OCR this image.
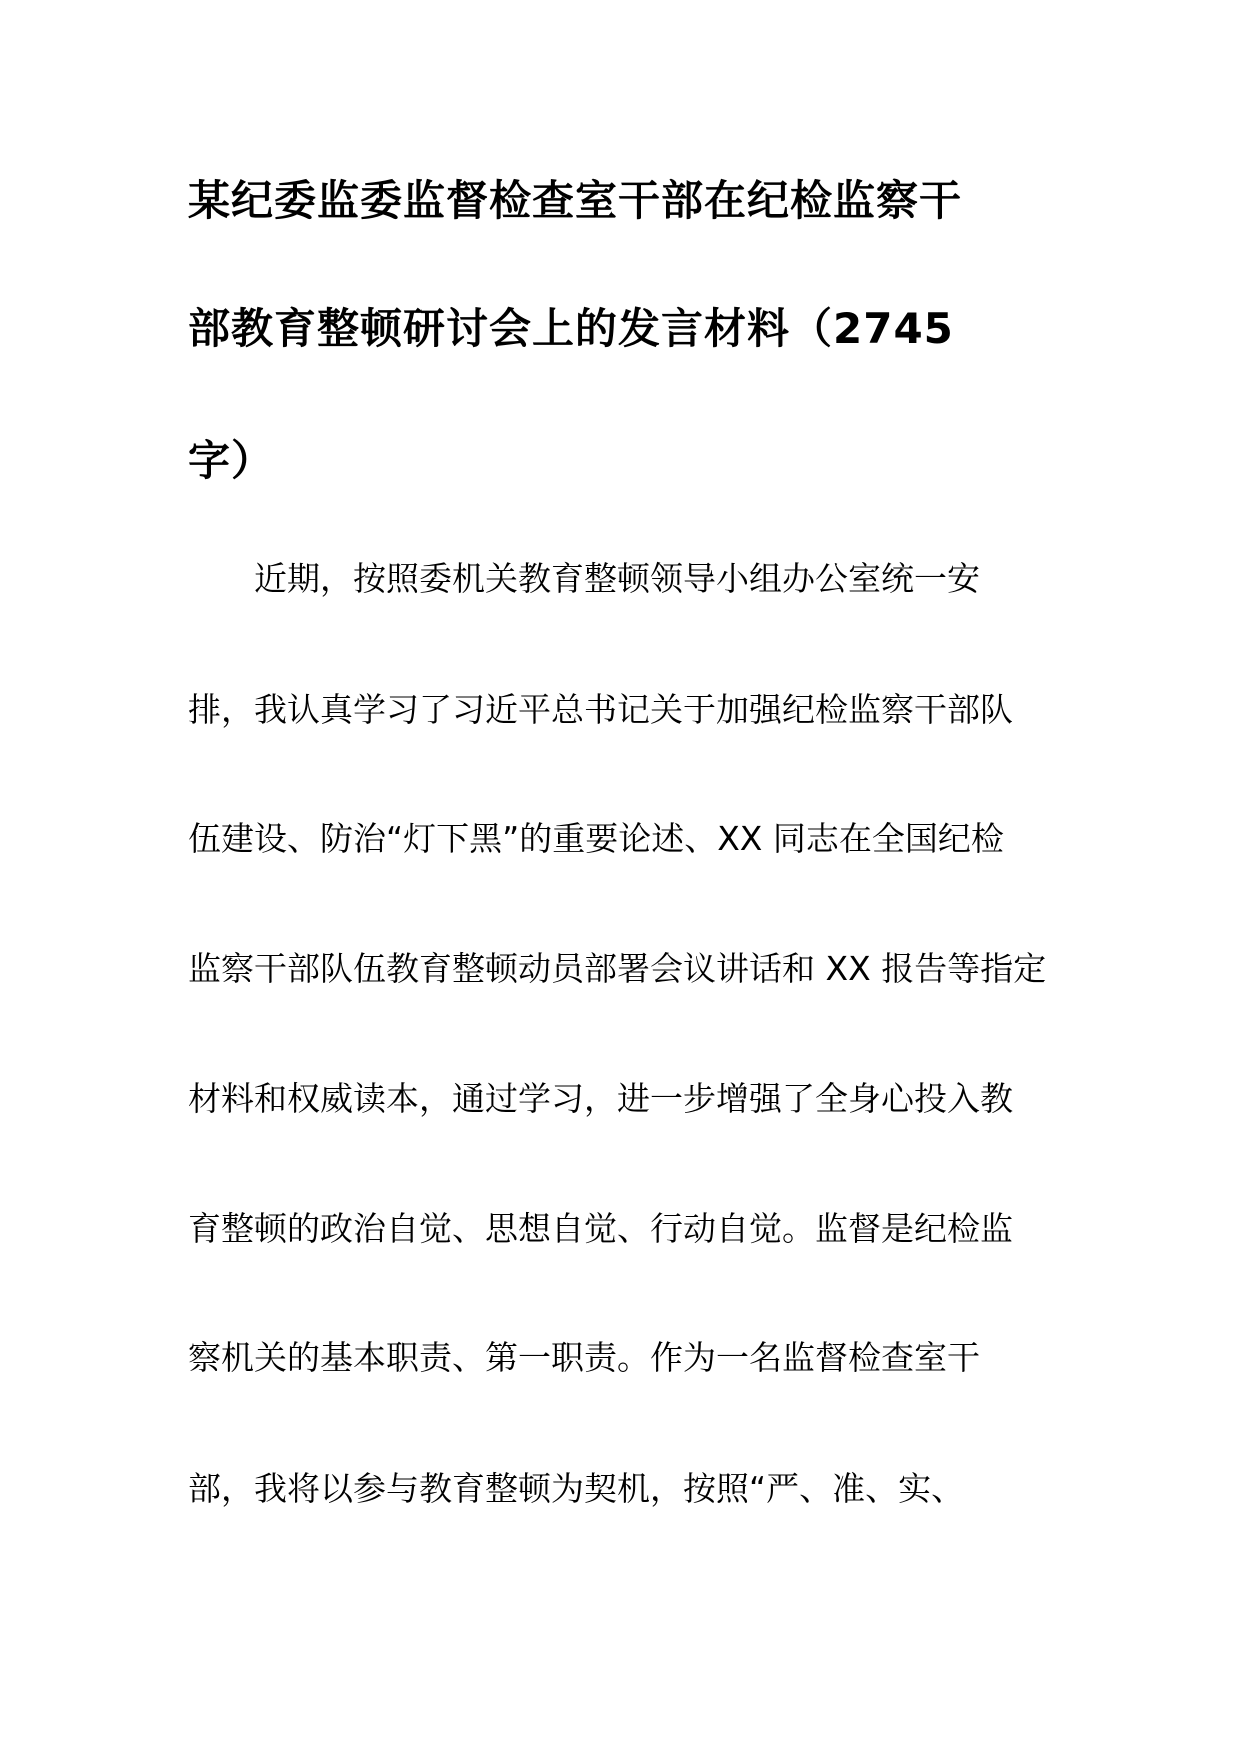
某纪委监委监督检查室干部在纪检监察干
部教育整顿研讨会上的发言材料（2745
字）
近期，按照委机关教育整顿领导小组办公室统一安
排，我认真学习了习近平总书记关于加强纪检监察干部队
伍建设、防治“灯下黑”的重要论述、XX 同志在全国纪检
监察干部队伍教育整顿动员部署会议讲话和 XX 报告等指定
材料和权威读本，通过学习，进一步增强了全身心投入教
育整顿的政治自觉、思想自觉、行动自觉。监督是纪检监
察机关的基本职责、第一职责。作为一名监督检查室干
部，我将以参与教育整顿为契机，按照“严、准、实、
